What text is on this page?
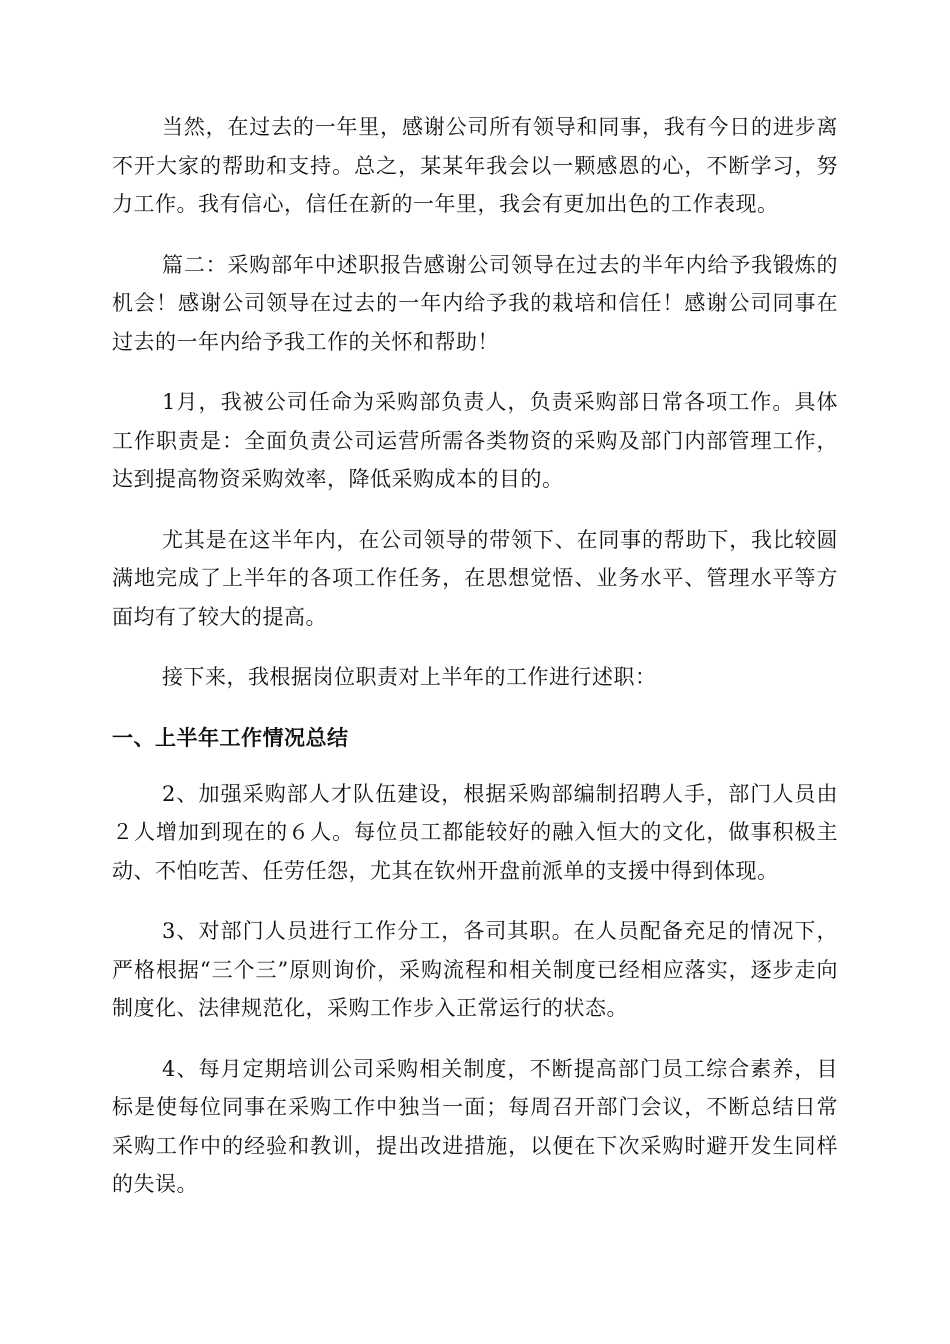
当然，在过去的一年里，感谢公司所有领导和同事，我有今日的进步离不开大家的帮助和支持。总之，某某年我会以一颗感恩的心，不断学习，努力工作。我有信心，信任在新的一年里，我会有更加出色的工作表现。

篇二：采购部年中述职报告感谢公司领导在过去的半年内给予我锻炼的机会！感谢公司领导在过去的一年内给予我的栽培和信任！感谢公司同事在过去的一年内给予我工作的关怀和帮助！

1月，我被公司任命为采购部负责人，负责采购部日常各项工作。具体工作职责是：全面负责公司运营所需各类物资的采购及部门内部管理工作，达到提高物资采购效率，降低采购成本的目的。

尤其是在这半年内，在公司领导的带领下、在同事的帮助下，我比较圆满地完成了上半年的各项工作任务，在思想觉悟、业务水平、管理水平等方面均有了较大的提高。

接下来，我根据岗位职责对上半年的工作进行述职：

一、上半年工作情况总结

2、加强采购部人才队伍建设，根据采购部编制招聘人手，部门人员由２人增加到现在的６人。每位员工都能较好的融入恒大的文化，做事积极主动、不怕吃苦、任劳任怨，尤其在钦州开盘前派单的支援中得到体现。

3、对部门人员进行工作分工，各司其职。在人员配备充足的情况下，严格根据“三个三”原则询价，采购流程和相关制度已经相应落实，逐步走向制度化、法律规范化，采购工作步入正常运行的状态。

4、每月定期培训公司采购相关制度，不断提高部门员工综合素养，目标是使每位同事在采购工作中独当一面；每周召开部门会议，不断总结日常采购工作中的经验和教训，提出改进措施，以便在下次采购时避开发生同样的失误。
